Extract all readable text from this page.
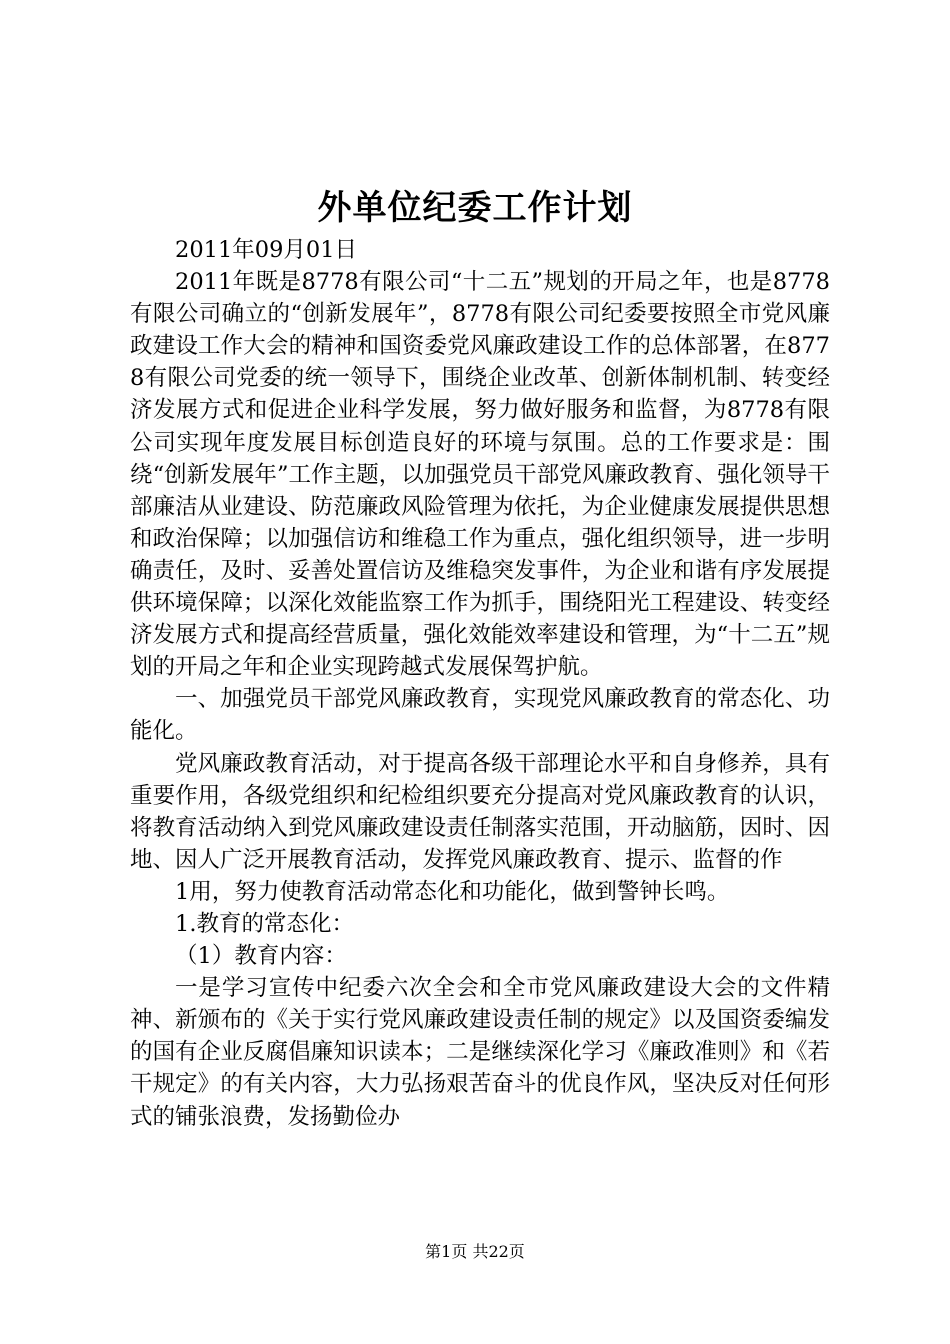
外单位纪委工作计划

2011年09月01日

2011年既是8778有限公司“十二五”规划的开局之年，也是8778有限公司确立的“创新发展年”，8778有限公司纪委要按照全市党风廉政建设工作大会的精神和国资委党风廉政建设工作的总体部署，在8778有限公司党委的统一领导下，围绕企业改革、创新体制机制、转变经济发展方式和促进企业科学发展，努力做好服务和监督，为8778有限公司实现年度发展目标创造良好的环境与氛围。总的工作要求是：围绕“创新发展年”工作主题，以加强党员干部党风廉政教育、强化领导干部廉洁从业建设、防范廉政风险管理为依托，为企业健康发展提供思想和政治保障；以加强信访和维稳工作为重点，强化组织领导，进一步明确责任，及时、妥善处置信访及维稳突发事件，为企业和谐有序发展提供环境保障；以深化效能监察工作为抓手，围绕阳光工程建设、转变经济发展方式和提高经营质量，强化效能效率建设和管理，为“十二五”规划的开局之年和企业实现跨越式发展保驾护航。

一、加强党员干部党风廉政教育，实现党风廉政教育的常态化、功能化。

党风廉政教育活动，对于提高各级干部理论水平和自身修养，具有重要作用，各级党组织和纪检组织要充分提高对党风廉政教育的认识，将教育活动纳入到党风廉政建设责任制落实范围，开动脑筋，因时、因地、因人广泛开展教育活动，发挥党风廉政教育、提示、监督的作

1用，努力使教育活动常态化和功能化，做到警钟长鸣。

1.教育的常态化：

（1）教育内容：

一是学习宣传中纪委六次全会和全市党风廉政建设大会的文件精神、新颁布的《关于实行党风廉政建设责任制的规定》以及国资委编发的国有企业反腐倡廉知识读本；二是继续深化学习《廉政准则》和《若干规定》的有关内容，大力弘扬艰苦奋斗的优良作风，坚决反对任何形式的铺张浪费，发扬勤俭办

第1页 共22页
